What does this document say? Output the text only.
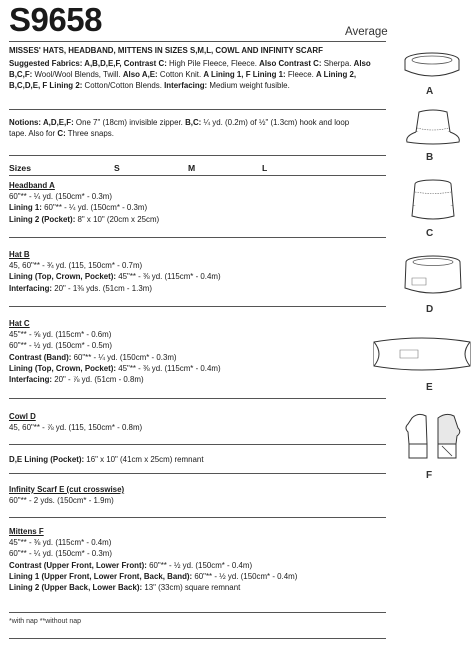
S9658	Average
MISSES' HATS, HEADBAND, MITTENS IN SIZES S,M,L, COWL AND INFINITY SCARF
Suggested Fabrics: A,B,D,E,F, Contrast C: High Pile Fleece, Fleece. Also Contrast C: Sherpa. Also
B,C,F: Wool/Wool Blends, Twill. Also A,E: Cotton Knit. A Lining 1, F Lining 1: Fleece. A Lining 2,
B,C,D,E, F Lining 2: Cotton/Cotton Blends. Interfacing: Medium weight fusible.
Notions: A,D,E,F: One 7" (18cm) invisible zipper. B,C: ¼ yd. (0.2m) of ½" (1.3cm) hook and loop
tape. Also for C: Three snaps.
Sizes	S	M	L
Headband A
60"** - ¼ yd. (150cm* - 0.3m)
Lining 1: 60"** - ¼ yd. (150cm* - 0.3m)
Lining 2 (Pocket): 8" x 10" (20cm x 25cm)
Hat B
45, 60"** - ¾ yd. (115, 150cm* - 0.7m)
Lining (Top, Crown, Pocket): 45"** - ⅜ yd. (115cm* - 0.4m)
Interfacing: 20" - 1⅜ yds. (51cm - 1.3m)
Hat C
45"** - ⅝ yd. (115cm* - 0.6m)
60"** - ½ yd. (150cm* - 0.5m)
Contrast (Band): 60"** - ¼ yd. (150cm* - 0.3m)
Lining (Top, Crown, Pocket): 45"** - ⅜ yd. (115cm* - 0.4m)
Interfacing: 20" - ⅞ yd. (51cm - 0.8m)
Cowl D
45, 60"** - ⅞ yd. (115, 150cm* - 0.8m)
D,E Lining (Pocket): 16" x 10" (41cm x 25cm) remnant
Infinity Scarf E (cut crosswise)
60"** - 2 yds. (150cm* - 1.9m)
Mittens F
45"** - ⅜ yd. (115cm* - 0.4m)
60"** - ¼ yd. (150cm* - 0.3m)
Contrast (Upper Front, Lower Front): 60"** - ½ yd. (150cm* - 0.4m)
Lining 1 (Upper Front, Lower Front, Back, Band): 60"** - ½ yd. (150cm* - 0.4m)
Lining 2 (Upper Back, Lower Back): 13" (33cm) square remnant
*with nap **without nap
A
B
C
D
E
F
